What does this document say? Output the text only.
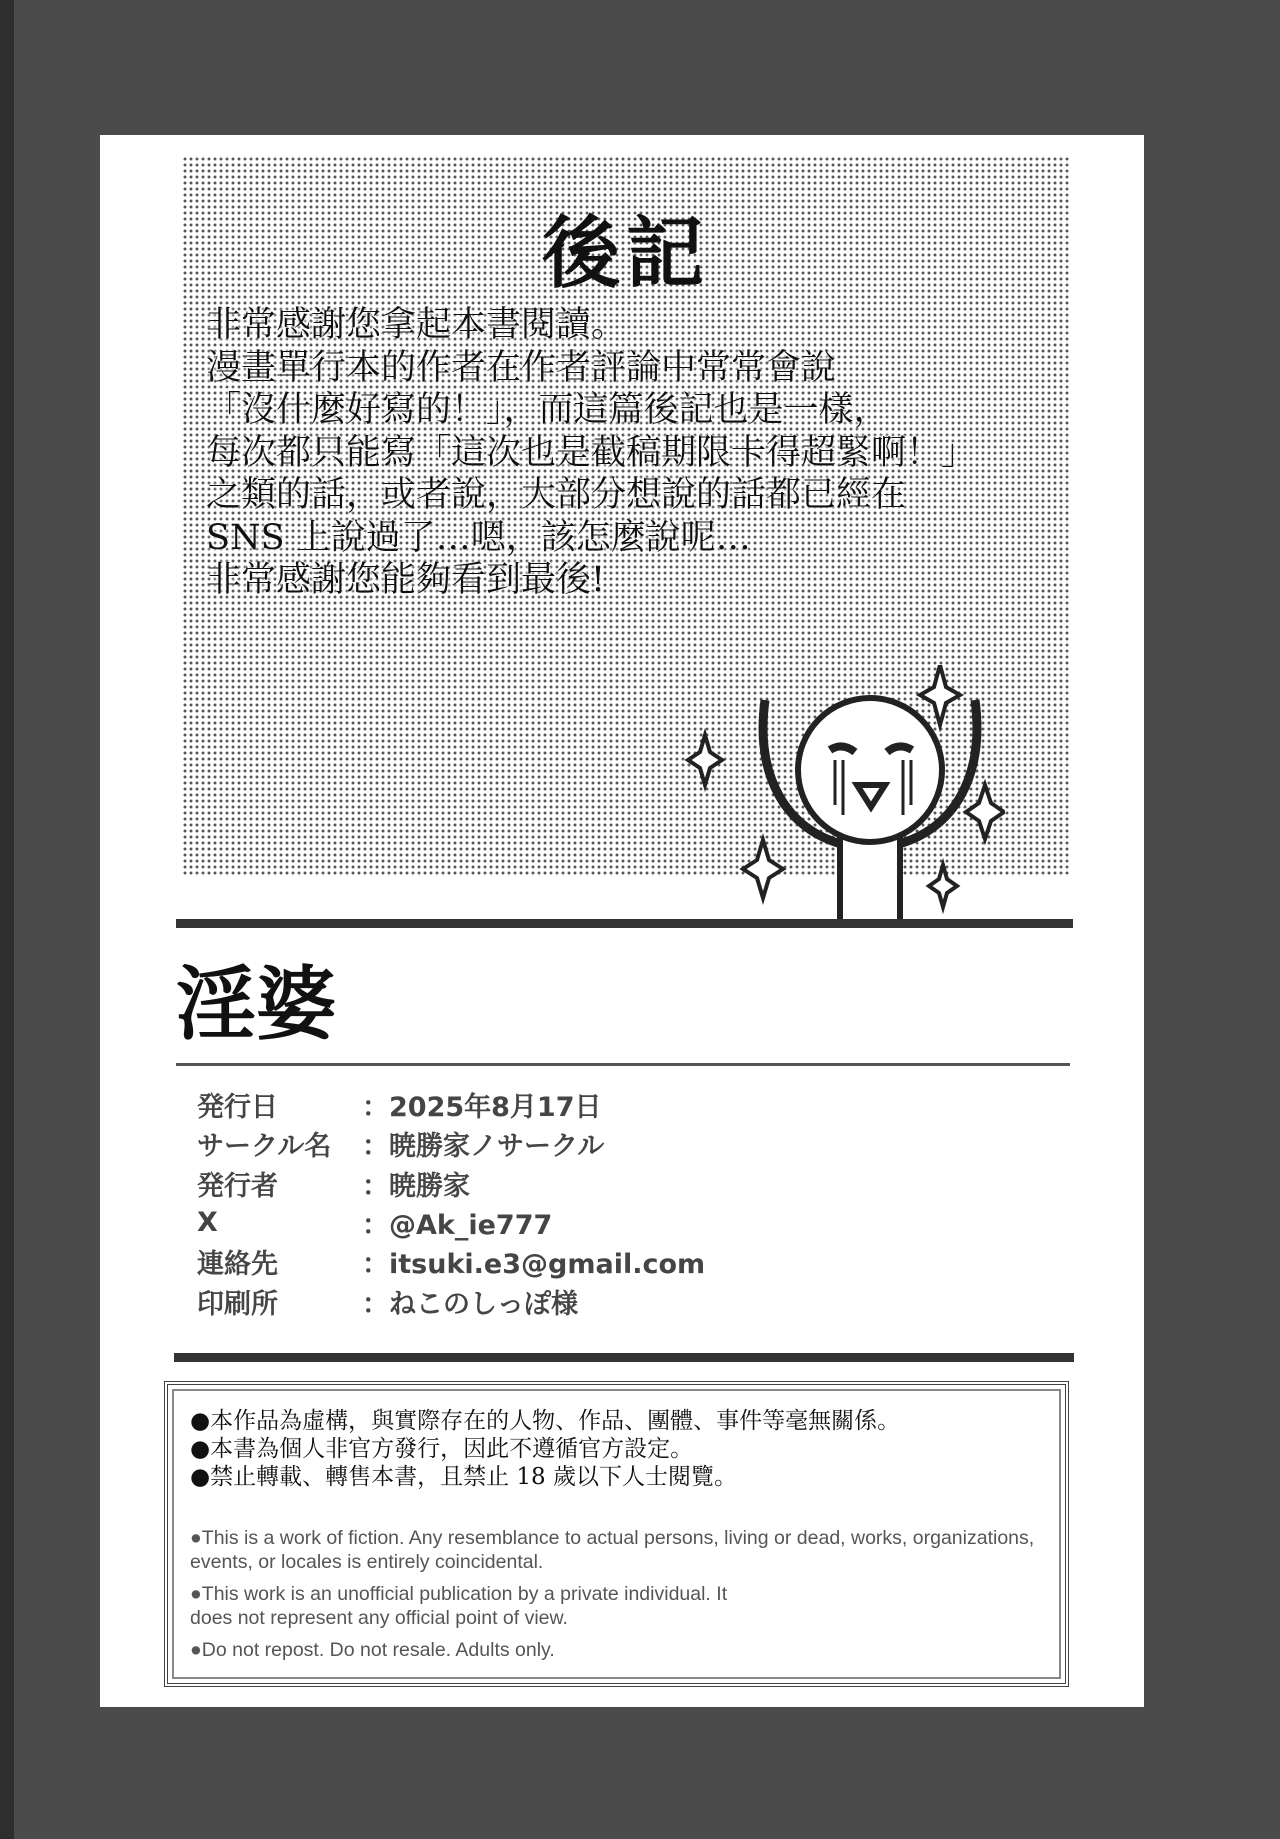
後記
非常感謝您拿起本書閱讀。
漫畫單行本的作者在作者評論中常常會說
「沒什麼好寫的！」，而這篇後記也是一樣，
每次都只能寫「這次也是截稿期限卡得超緊啊！」
之類的話，或者說，大部分想說的話都已經在
SNS 上說過了…嗯，該怎麼說呢…
非常感謝您能夠看到最後!
淫婆
発行日	：2025年8月17日
サークル名	：暁勝家ノサークル
発行者	：暁勝家
X	：@Ak_ie777
連絡先	：itsuki.e3@gmail.com
印刷所	：ねこのしっぽ様
●本作品為虛構，與實際存在的人物、作品、團體、事件等毫無關係。
●本書為個人非官方發行，因此不遵循官方設定。
●禁止轉載、轉售本書，且禁止 18 歲以下人士閱覽。

●This is a work of fiction. Any resemblance to actual persons, living or dead, works, organizations, events, or locales is entirely coincidental.

●This work is an unofficial publication by a private individual. It does not represent any official point of view.

●Do not repost. Do not resale. Adults only.
